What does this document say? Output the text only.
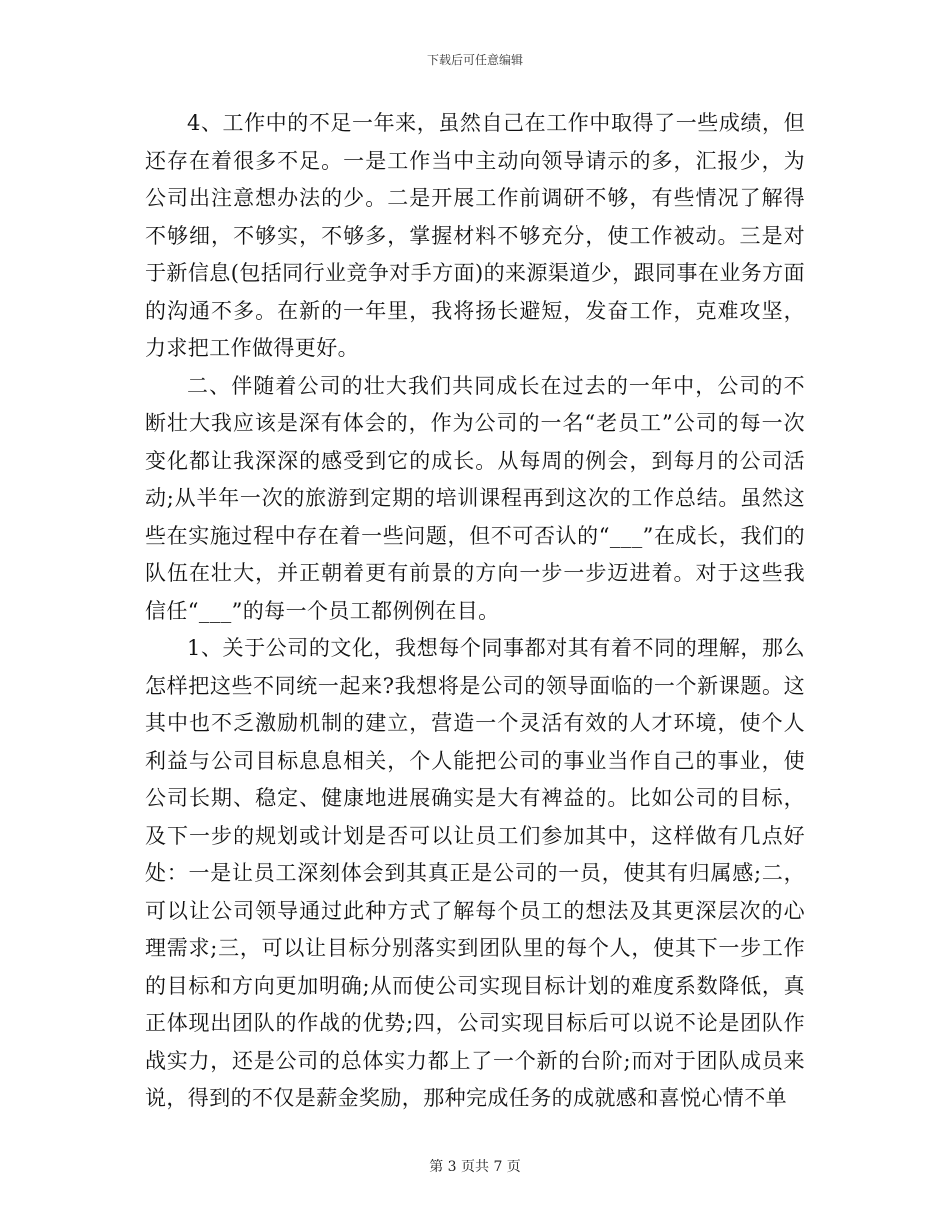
下载后可任意编辑

4、工作中的不足一年来，虽然自己在工作中取得了一些成绩，但还存在着很多不足。一是工作当中主动向领导请示的多，汇报少，为公司出注意想办法的少。二是开展工作前调研不够，有些情况了解得不够细，不够实，不够多，掌握材料不够充分，使工作被动。三是对于新信息(包括同行业竞争对手方面)的来源渠道少，跟同事在业务方面的沟通不多。在新的一年里，我将扬长避短，发奋工作，克难攻坚，力求把工作做得更好。

二、伴随着公司的壮大我们共同成长在过去的一年中，公司的不断壮大我应该是深有体会的，作为公司的一名“老员工”公司的每一次变化都让我深深的感受到它的成长。从每周的例会，到每月的公司活动;从半年一次的旅游到定期的培训课程再到这次的工作总结。虽然这些在实施过程中存在着一些问题，但不可否认的“___”在成长，我们的队伍在壮大，并正朝着更有前景的方向一步一步迈进着。对于这些我信任“___”的每一个员工都例例在目。

1、关于公司的文化，我想每个同事都对其有着不同的理解，那么怎样把这些不同统一起来?我想将是公司的领导面临的一个新课题。这其中也不乏激励机制的建立，营造一个灵活有效的人才环境，使个人利益与公司目标息息相关，个人能把公司的事业当作自己的事业，使公司长期、稳定、健康地进展确实是大有裨益的。比如公司的目标，及下一步的规划或计划是否可以让员工们参加其中，这样做有几点好处：一是让员工深刻体会到其真正是公司的一员，使其有归属感;二，可以让公司领导通过此种方式了解每个员工的想法及其更深层次的心理需求;三，可以让目标分别落实到团队里的每个人，使其下一步工作的目标和方向更加明确;从而使公司实现目标计划的难度系数降低，真正体现出团队的作战的优势;四，公司实现目标后可以说不论是团队作战实力，还是公司的总体实力都上了一个新的台阶;而对于团队成员来说，得到的不仅是薪金奖励，那种完成任务的成就感和喜悦心情不单

第 3 页共 7 页
